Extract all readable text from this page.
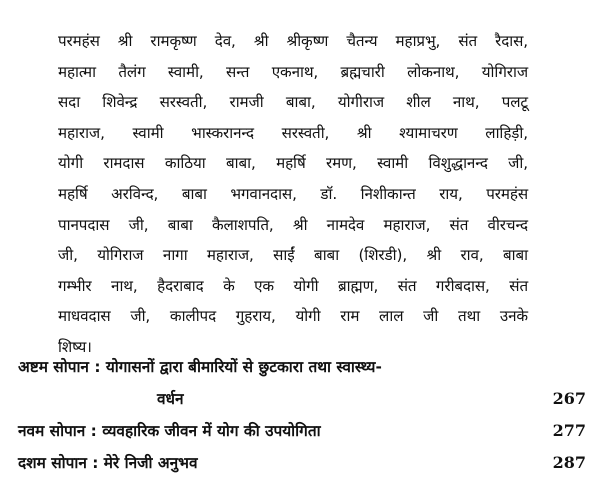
परमहंस श्री रामकृष्ण देव, श्री श्रीकृष्ण चैतन्य महाप्रभु, संत रैदास,
महात्मा तैलंग स्वामी, सन्त एकनाथ, ब्रह्मचारी लोकनाथ, योगिराज
सदा शिवेन्द्र सरस्वती, रामजी बाबा, योगीराज शील नाथ, पलटू
महाराज, स्वामी भास्करानन्द सरस्वती, श्री श्यामाचरण लाहिड़ी,
योगी रामदास काठिया बाबा, महर्षि रमण, स्वामी विशुद्धानन्द जी,
महर्षि अरविन्द, बाबा भगवानदास, डॉ. निशीकान्त राय, परमहंस
पानपदास जी, बाबा कैलाशपति, श्री नामदेव महाराज, संत वीरचन्द
जी, योगिराज नागा महाराज, साईं बाबा (शिरडी), श्री राव, बाबा
गम्भीर नाथ, हैदराबाद के एक योगी ब्राह्मण, संत गरीबदास, संत
माधवदास जी, कालीपद गुहराय, योगी राम लाल जी तथा उनके
शिष्य।
अष्टम सोपान : योगासनों द्वारा बीमारियों से छुटकारा तथा स्वास्थ्य-
वर्धन	267
नवम सोपान : व्यवहारिक जीवन में योग की उपयोगिता	277
दशम सोपान : मेरे निजी अनुभव	287
